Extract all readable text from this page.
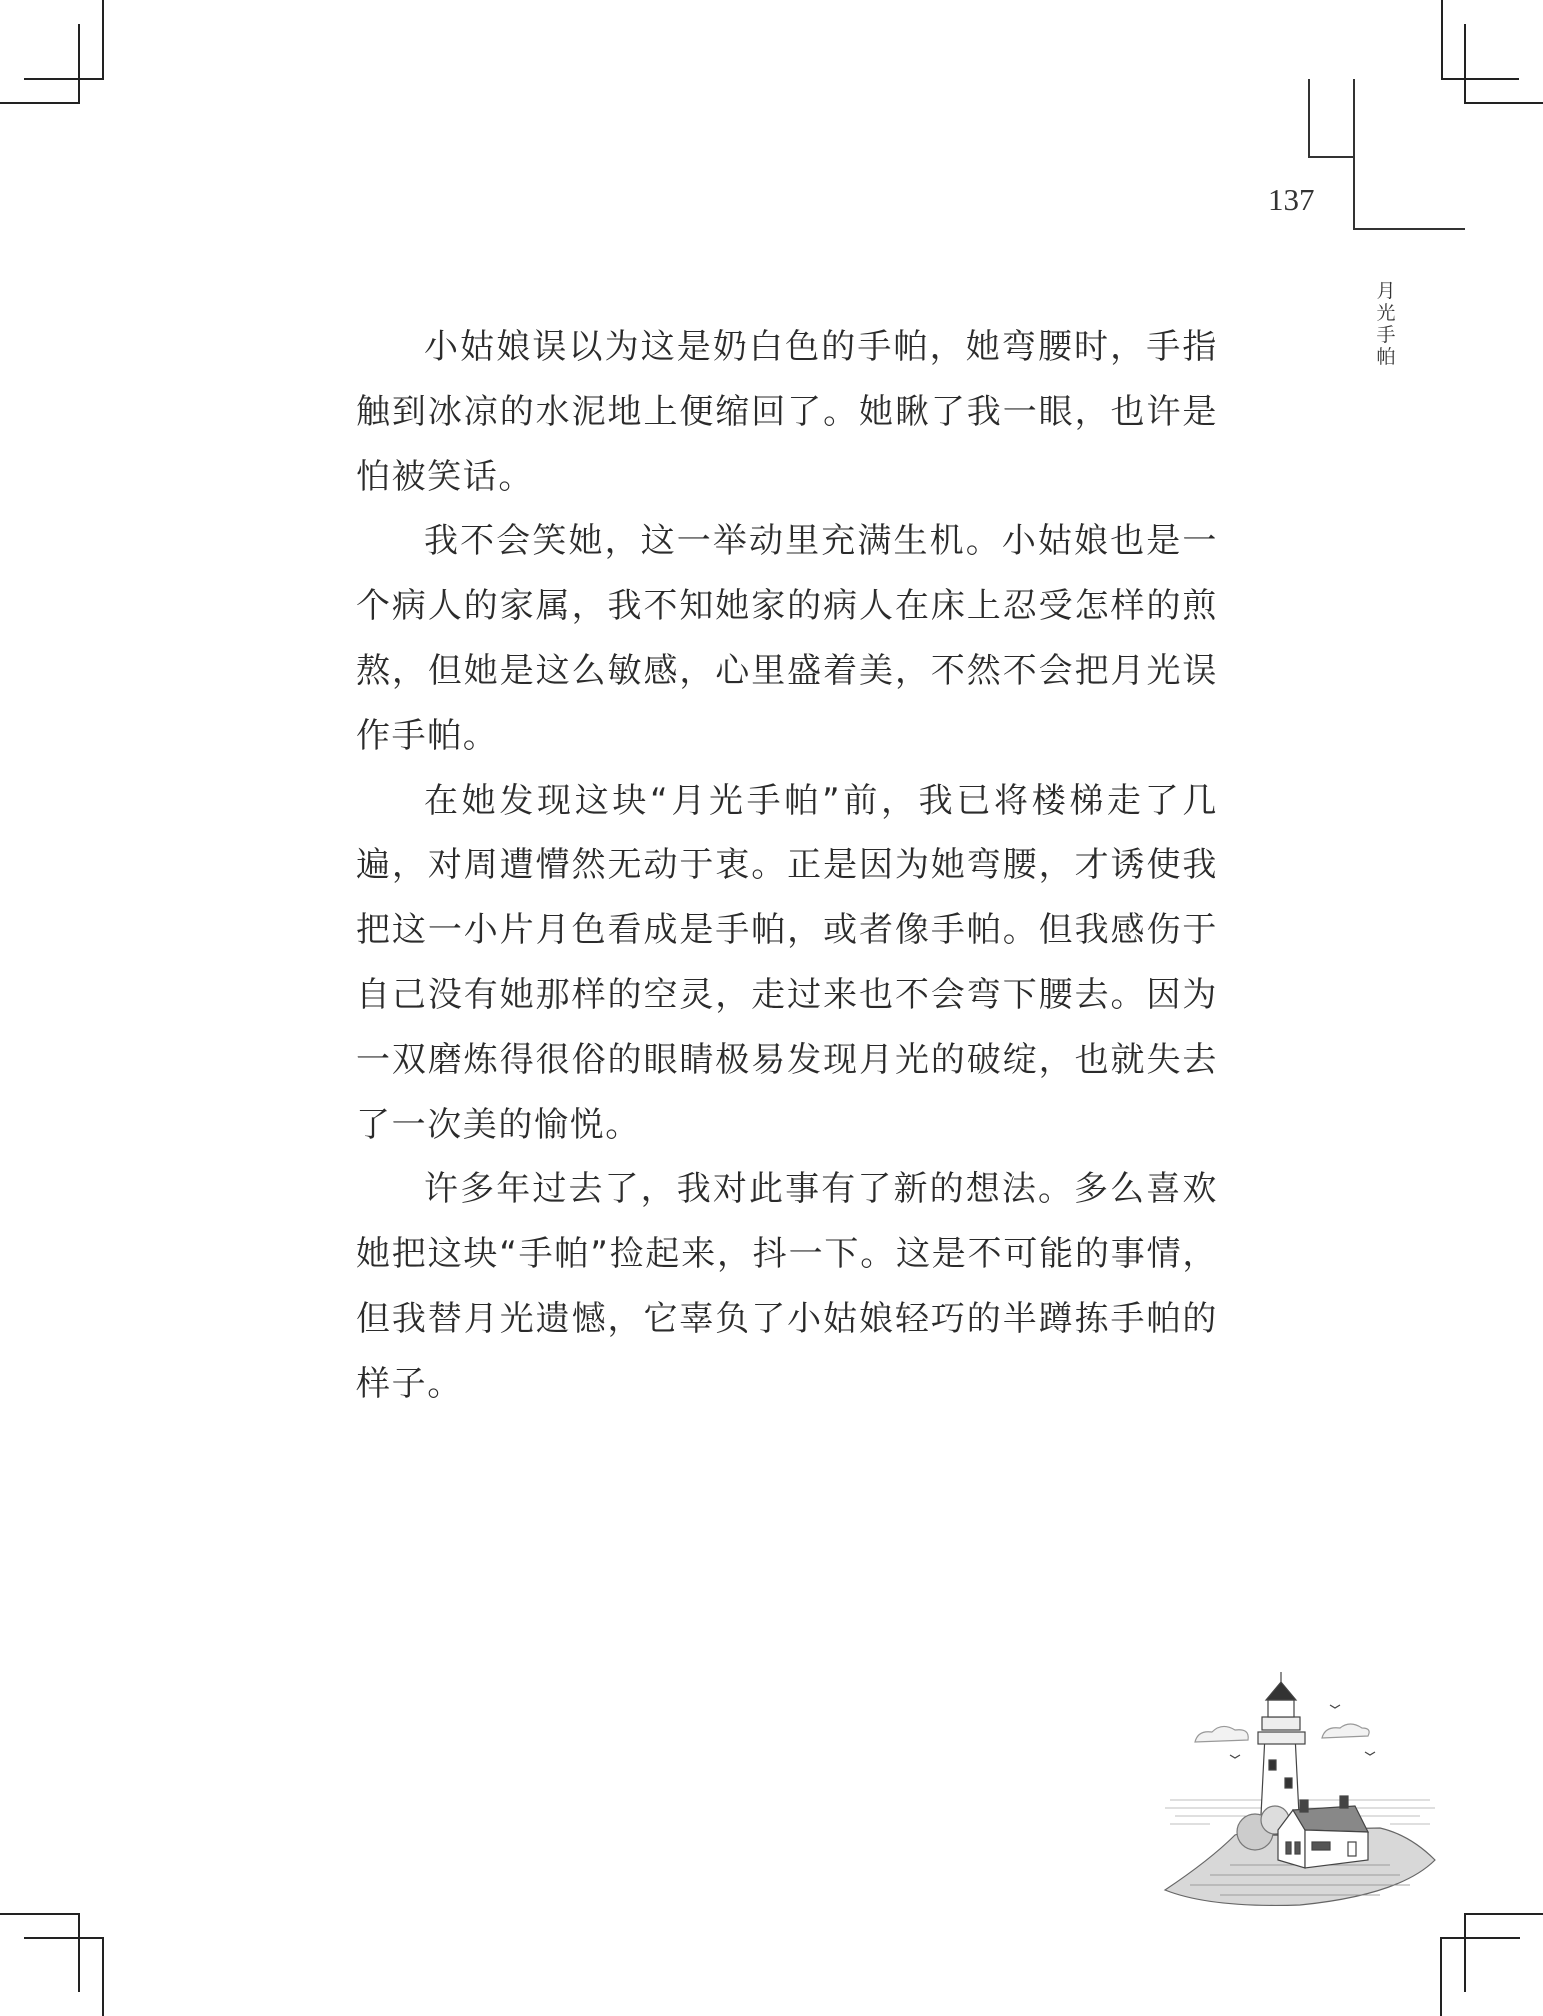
137
月光手帕

小姑娘误以为这是奶白色的手帕，她弯腰时，手指触到冰凉的水泥地上便缩回了。她瞅了我一眼，也许是怕被笑话。

我不会笑她，这一举动里充满生机。小姑娘也是一个病人的家属，我不知她家的病人在床上忍受怎样的煎熬，但她是这么敏感，心里盛着美，不然不会把月光误作手帕。

在她发现这块“月光手帕”前，我已将楼梯走了几遍，对周遭懵然无动于衷。正是因为她弯腰，才诱使我把这一小片月色看成是手帕，或者像手帕。但我感伤于自己没有她那样的空灵，走过来也不会弯下腰去。因为一双磨炼得很俗的眼睛极易发现月光的破绽，也就失去了一次美的愉悦。

许多年过去了，我对此事有了新的想法。多么喜欢她把这块“手帕”捡起来，抖一下。这是不可能的事情，但我替月光遗憾，它辜负了小姑娘轻巧的半蹲拣手帕的样子。
